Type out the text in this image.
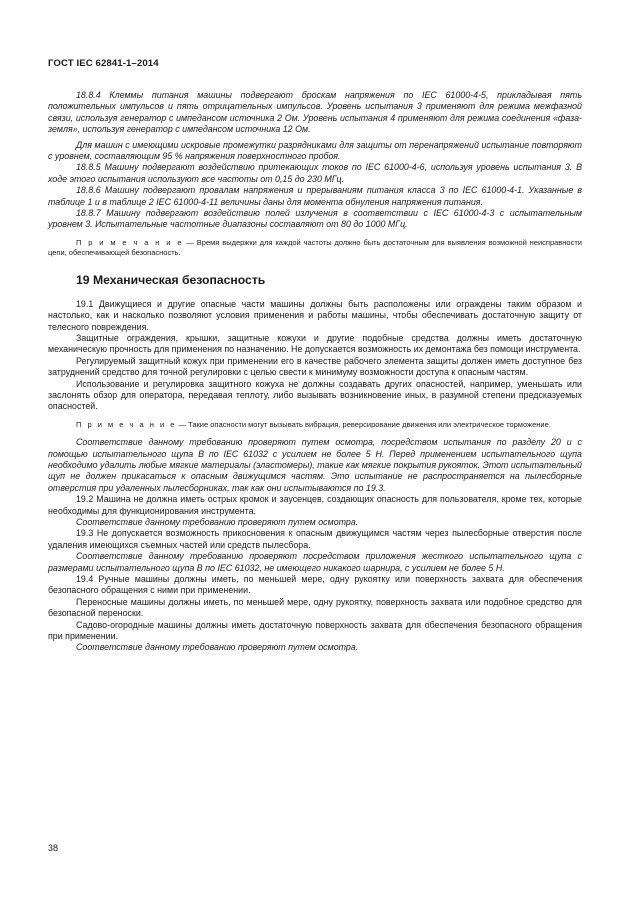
ГОСТ IEC 62841-1–2014

18.8.4 Клеммы питания машины подвергают броскам напряжения по IEC 61000-4-5, прикладывая пять положительных импульсов и пять отрицательных импульсов. Уровень испытания 3 применяют для режима межфазной связи, используя генератор с импедансом источника 2 Ом. Уровень испытания 4 применяют для режима соединения «фаза-земля», используя генератор с импедансом источника 12 Ом.

Для машин с имеющими искровые промежутки разрядниками для защиты от перенапряжений испытание повторяют с уровнем, составляющим 95 % напряжения поверхностного пробоя.

18.8.5 Машину подвергают воздействию притекающих токов по IEC 61000-4-6, используя уровень испытания 3. В ходе этого испытания используют все частоты от 0,15 до 230 МГц.

18.8.6 Машину подвергают провалам напряжения и прерываниям питания класса 3 по IEC 61000-4-1. Указанные в таблице 1 и в таблице 2 IEC 61000-4-11 величины даны для момента обнуления напряжения питания.

18.8.7 Машину подвергают воздействию полей излучения в соответствии с IEC 61000-4-3 с испытательным уровнем 3. Испытательные частотные диапазоны составляют от 80 до 1000 МГц.

П р и м е ч а н и е — Время выдержки для каждой частоты должно быть достаточным для выявления возможной неисправности цепи, обеспечивающей безопасность.

19 Механическая безопасность

19.1 Движущиеся и другие опасные части машины должны быть расположены или ограждены таким образом и настолько, как и насколько позволяют условия применения и работы машины, чтобы обеспечивать достаточную защиту от телесного повреждения.

Защитные ограждения, крышки, защитные кожухи и другие подобные средства должны иметь достаточную механическую прочность для применения по назначению. Не допускается возможность их демонтажа без помощи инструмента.

Регулируемый защитный кожух при применении его в качестве рабочего элемента защиты должен иметь доступное без затруднений средство для точной регулировки с целью свести к минимуму возможности доступа к опасным частям.

Использование и регулировка защитного кожуха не должны создавать других опасностей, например, уменьшать или заслонять обзор для оператора, передавая теплоту, либо вызывать возникновение иных, в разумной степени предсказуемых опасностей.

П р и м е ч а н и е — Такие опасности могут вызывать вибрация, реверсирование движения или электрическое торможение.

Соответствие данному требованию проверяют путем осмотра, посредством испытания по разделу 20 и с помощью испытательного щупа B по IEC 61032 с усилием не более 5 Н. Перед применением испытательного щупа необходимо удалить любые мягкие материалы (эластомеры), такие как мягкие покрытия рукояток. Этот испытательный щуп не должен прикасаться к опасным движущимся частям. Это испытание не распространяется на пылесборные отверстия при удаленных пылесборниках, так как они испытываются по 19.3.

19.2 Машина не должна иметь острых кромок и заусенцев, создающих опасность для пользователя, кроме тех, которые необходимы для функционирования инструмента.

Соответствие данному требованию проверяют путем осмотра.

19.3 Не допускается возможность прикосновения к опасным движущимся частям через пылесборные отверстия после удаления имеющихся съемных частей или средств пылесбора.

Соответствие данному требованию проверяют посредством приложения жесткого испытательного щупа с размерами испытательного щупа B по IEC 61032, не имеющего никакого шарнира, с усилием не более 5 Н.

19.4 Ручные машины должны иметь, по меньшей мере, одну рукоятку или поверхность захвата для обеспечения безопасного обращения с ними при применении.

Переносные машины должны иметь, по меньшей мере, одну рукоятку, поверхность захвата или подобное средство для безопасной переноски.

Садово-огородные машины должны иметь достаточную поверхность захвата для обеспечения безопасного обращения при применении.

Соответствие данному требованию проверяют путем осмотра.

38
